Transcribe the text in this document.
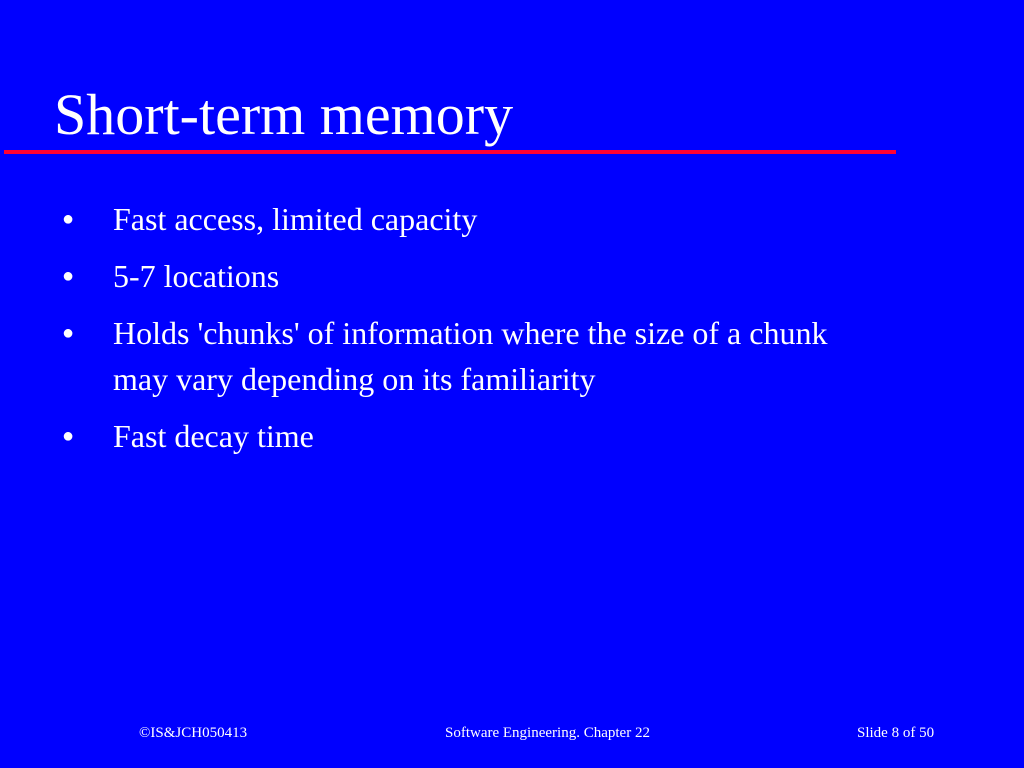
Short-term memory
● Fast access, limited capacity
● 5-7 locations
● Holds 'chunks' of information where the size of a chunk may vary depending on its familiarity
● Fast decay time
©IS&JCH050413	Software Engineering. Chapter 22	Slide 8 of 50
